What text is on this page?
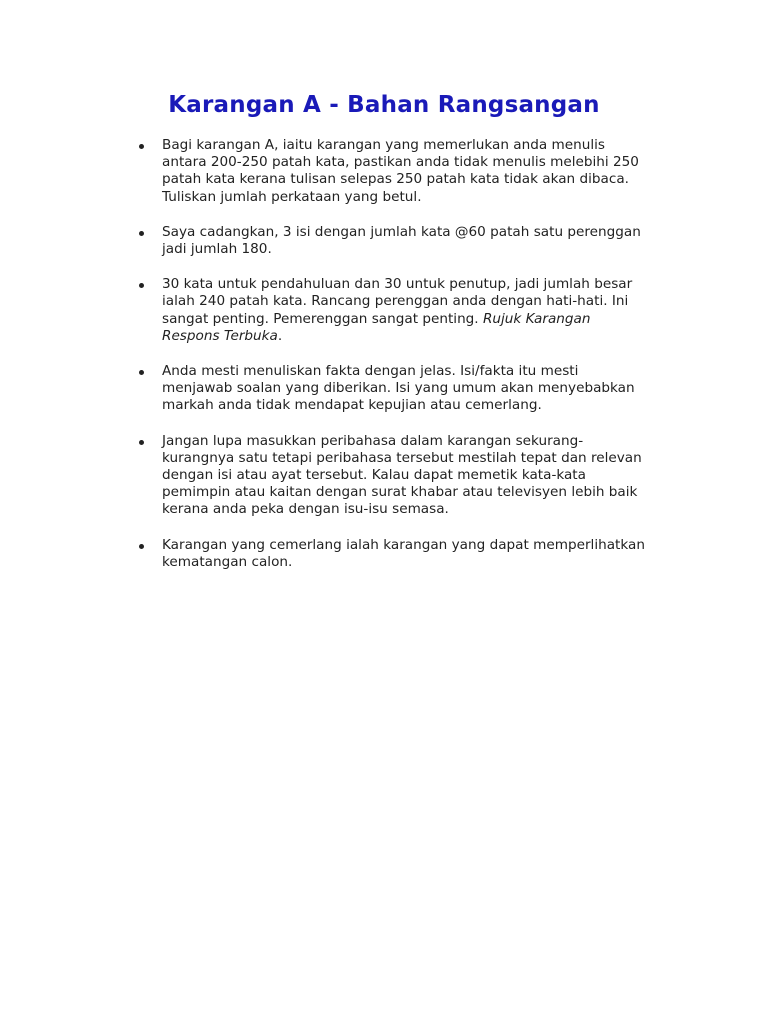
Karangan A - Bahan Rangsangan
Bagi karangan A, iaitu karangan yang memerlukan anda menulis antara 200-250 patah kata, pastikan anda tidak menulis melebihi 250 patah kata kerana tulisan selepas 250 patah kata tidak akan dibaca. Tuliskan jumlah perkataan yang betul.
Saya cadangkan, 3 isi dengan jumlah kata @60 patah satu perenggan jadi jumlah 180.
30 kata untuk pendahuluan dan 30 untuk penutup, jadi jumlah besar ialah 240 patah kata. Rancang perenggan anda dengan hati-hati. Ini sangat penting. Pemerenggan sangat penting. Rujuk Karangan Respons Terbuka.
Anda mesti menuliskan fakta dengan jelas. Isi/fakta itu mesti menjawab soalan yang diberikan. Isi yang umum akan menyebabkan markah anda tidak mendapat kepujian atau cemerlang.
Jangan lupa masukkan peribahasa dalam karangan sekurang-kurangnya satu tetapi peribahasa tersebut mestilah tepat dan relevan dengan isi atau ayat tersebut. Kalau dapat memetik kata-kata pemimpin atau kaitan dengan surat khabar atau televisyen lebih baik kerana anda peka dengan isu-isu semasa.
Karangan yang cemerlang ialah karangan yang dapat memperlihatkan kematangan calon.
